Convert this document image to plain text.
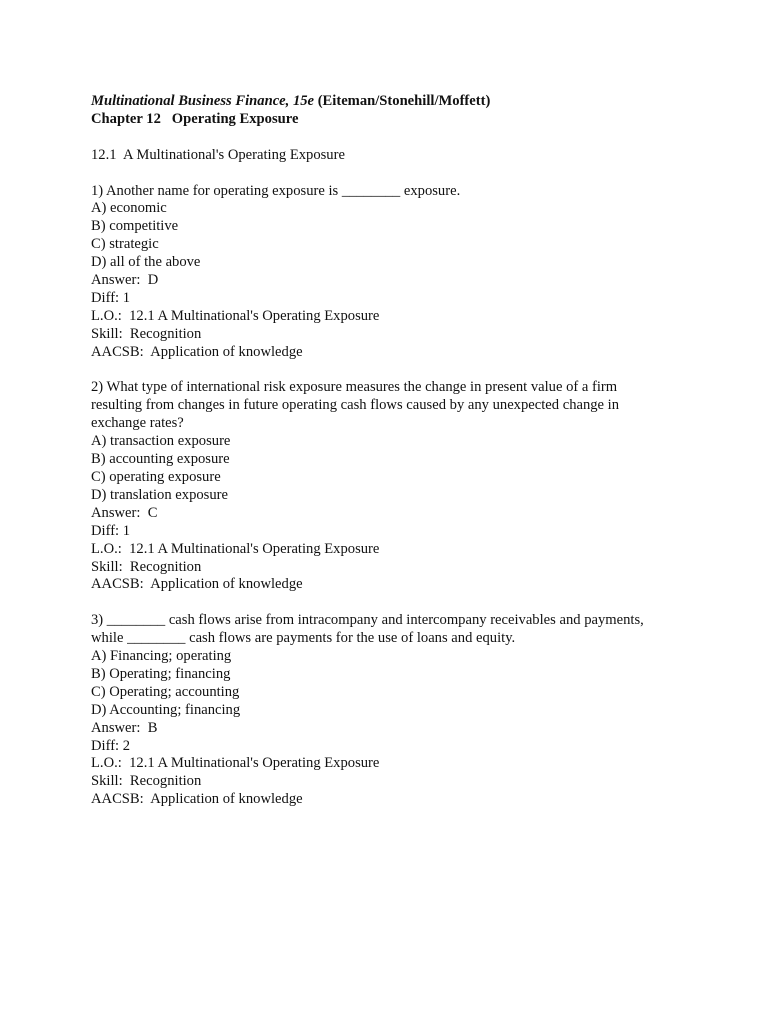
Multinational Business Finance, 15e (Eiteman/Stonehill/Moffett)
Chapter 12   Operating Exposure
12.1  A Multinational's Operating Exposure
1) Another name for operating exposure is ________ exposure.
A) economic
B) competitive
C) strategic
D) all of the above
Answer:  D
Diff: 1
L.O.:  12.1 A Multinational's Operating Exposure
Skill:  Recognition
AACSB:  Application of knowledge
2) What type of international risk exposure measures the change in present value of a firm
resulting from changes in future operating cash flows caused by any unexpected change in
exchange rates?
A) transaction exposure
B) accounting exposure
C) operating exposure
D) translation exposure
Answer:  C
Diff: 1
L.O.:  12.1 A Multinational's Operating Exposure
Skill:  Recognition
AACSB:  Application of knowledge
3) ________ cash flows arise from intracompany and intercompany receivables and payments,
while ________ cash flows are payments for the use of loans and equity.
A) Financing; operating
B) Operating; financing
C) Operating; accounting
D) Accounting; financing
Answer:  B
Diff: 2
L.O.:  12.1 A Multinational's Operating Exposure
Skill:  Recognition
AACSB:  Application of knowledge
